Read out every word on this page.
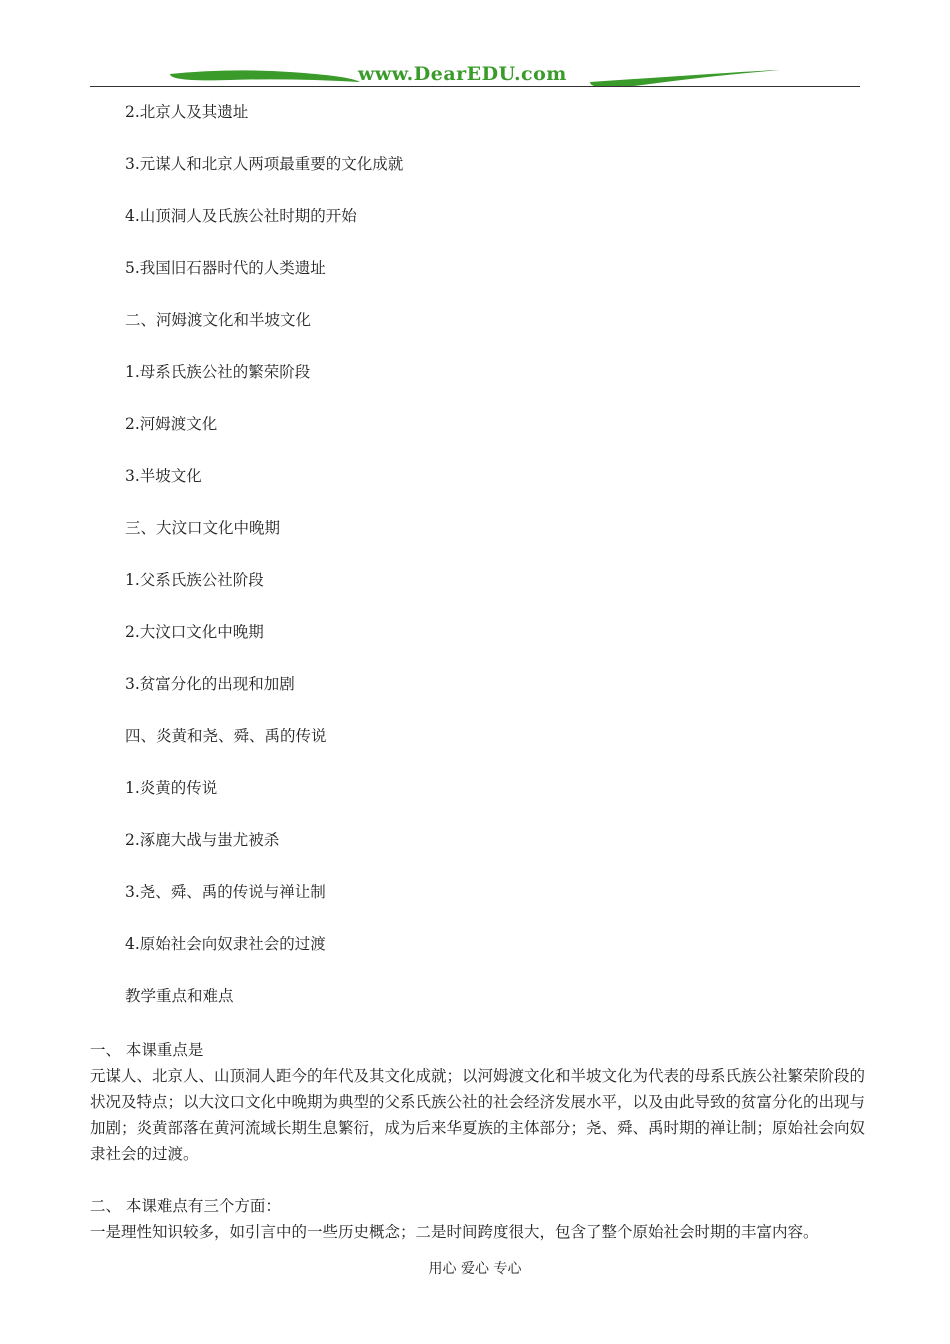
www.DearEDU.com
2.北京人及其遗址
3.元谋人和北京人两项最重要的文化成就
4.山顶洞人及氏族公社时期的开始
5.我国旧石器时代的人类遗址
二、河姆渡文化和半坡文化
1.母系氏族公社的繁荣阶段
2.河姆渡文化
3.半坡文化
三、大汶口文化中晚期
1.父系氏族公社阶段
2.大汶口文化中晚期
3.贫富分化的出现和加剧
四、炎黄和尧、舜、禹的传说
1.炎黄的传说
2.涿鹿大战与蚩尤被杀
3.尧、舜、禹的传说与禅让制
4.原始社会向奴隶社会的过渡
教学重点和难点

一、 本课重点是

元谋人、北京人、山顶洞人距今的年代及其文化成就；以河姆渡文化和半坡文化为代表的母系氏族公社繁荣阶段的状况及特点；以大汶口文化中晚期为典型的父系氏族公社的社会经济发展水平，以及由此导致的贫富分化的出现与加剧；炎黄部落在黄河流域长期生息繁衍，成为后来华夏族的主体部分；尧、舜、禹时期的禅让制；原始社会向奴隶社会的过渡。

二、 本课难点有三个方面：

一是理性知识较多，如引言中的一些历史概念；二是时间跨度很大，包含了整个原始社会时期的丰富内容。

用心 爱心 专心
